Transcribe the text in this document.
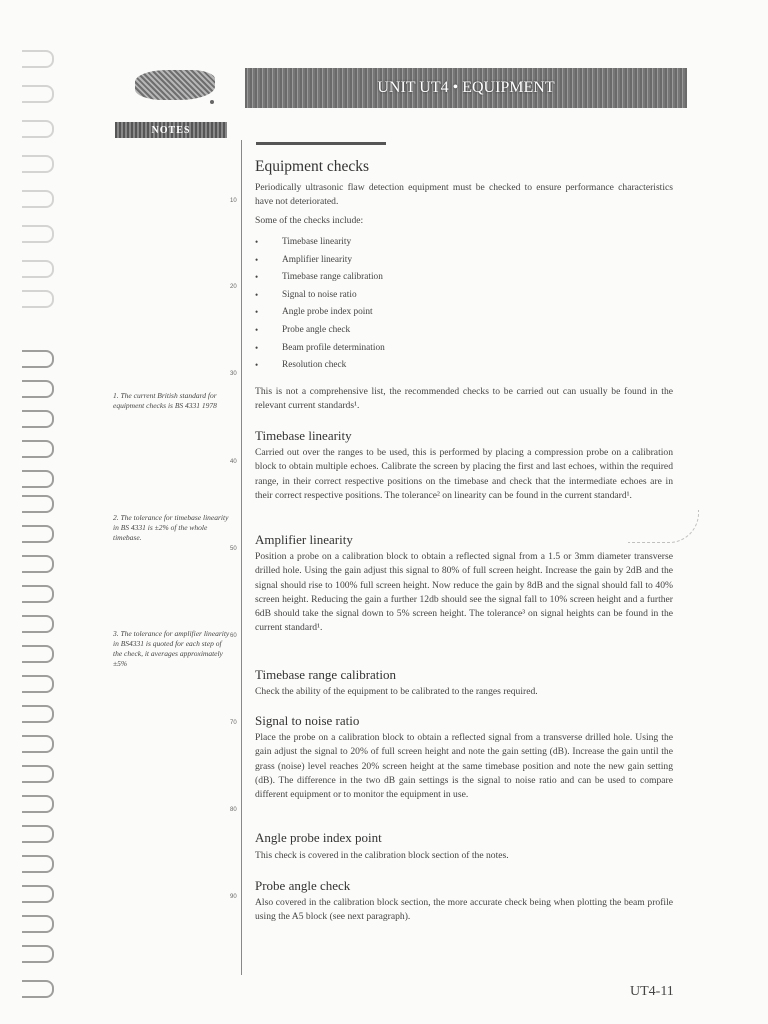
UNIT UT4 • EQUIPMENT
NOTES
10
20
30
40
50
60
70
80
90
1. The current British standard for equipment checks is BS 4331 1978
2. The tolerance for timebase linearity in BS 4331 is ±2% of the whole timebase.
3. The tolerance for amplifier linearity in BS4331 is quoted for each step of the check, it averages approximately ±5%
Equipment checks
Periodically ultrasonic flaw detection equipment must be checked to ensure performance characteristics have not deteriorated.
Some of the checks include:
•	Timebase linearity
•	Amplifier linearity
•	Timebase range calibration
•	Signal to noise ratio
•	Angle probe index point
•	Probe angle check
•	Beam profile determination
•	Resolution check
This is not a comprehensive list, the recommended checks to be carried out can usually be found in the relevant current standards¹.
Timebase linearity
Carried out over the ranges to be used, this is performed by placing a compression probe on a calibration block to obtain multiple echoes. Calibrate the screen by placing the first and last echoes, within the required range, in their correct respective positions on the timebase and check that the intermediate echoes are in their correct respective positions. The tolerance² on linearity can be found in the current standard¹.
Amplifier linearity
Position a probe on a calibration block to obtain a reflected signal from a 1.5 or 3mm diameter transverse drilled hole. Using the gain adjust this signal to 80% of full screen height. Increase the gain by 2dB and the signal should rise to 100% full screen height. Now reduce the gain by 8dB and the signal should fall to 40% screen height. Reducing the gain a further 12db should see the signal fall to 10% screen height and a further 6dB should take the signal down to 5% screen height. The tolerance³ on signal heights can be found in the current standard¹.
Timebase range calibration
Check the ability of the equipment to be calibrated to the ranges required.
Signal to noise ratio
Place the probe on a calibration block to obtain a reflected signal from a transverse drilled hole. Using the gain adjust the signal to 20% of full screen height and note the gain setting (dB). Increase the gain until the grass (noise) level reaches 20% screen height at the same timebase position and note the new gain setting (dB). The difference in the two dB gain settings is the signal to noise ratio and can be used to compare different equipment or to monitor the equipment in use.
Angle probe index point
This check is covered in the calibration block section of the notes.
Probe angle check
Also covered in the calibration block section, the more accurate check being when plotting the beam profile using the A5 block (see next paragraph).
UT4-11
